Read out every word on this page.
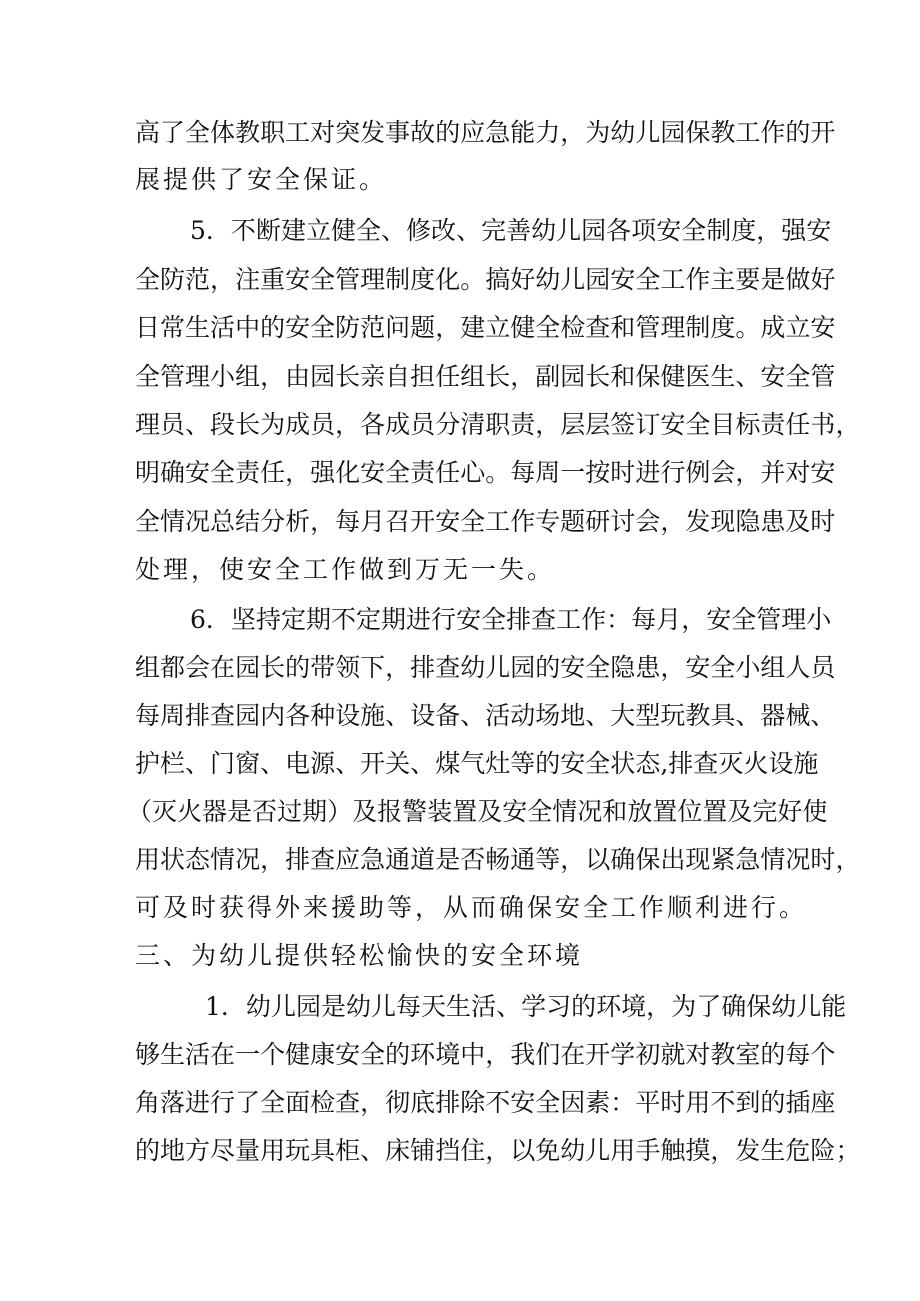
高 了 全 体 教 职 工 对 突 发 事 故 的 应 急 能 力 ， 为 幼 儿 园 保 教 工 作 的 开
展提供了安全保证。
5 ． 不 断 建 立 健 全 、 修 改 、 完 善 幼 儿 园 各 项 安 全 制 度 ， 强 安
全 防 范 ， 注 重 安 全 管 理 制 度 化 。 搞 好 幼 儿 园 安 全 工 作 主 要 是 做 好
日 常 生 活 中 的 安 全 防 范 问 题 ， 建 立 健 全 检 查 和 管 理 制 度 。 成 立 安
全 管 理 小 组 ， 由 园 长 亲 自 担 任 组 长 ， 副 园 长 和 保 健 医 生 、 安 全 管
理 员 、 段 长 为 成 员 ， 各 成 员 分 清 职 责 ， 层 层 签 订 安 全 目 标 责 任 书 ，
明 确 安 全 责 任 ， 强 化 安 全 责 任 心 。 每 周 一 按 时 进 行 例 会 ， 并 对 安
全 情 况 总 结 分 析 ， 每 月 召 开 安 全 工 作 专 题 研 讨 会 ， 发 现 隐 患 及 时
处理，使安全工作做到万无一失。
6 ． 坚 持 定 期 不 定 期 进 行 安 全 排 查 工 作 ： 每 月 ， 安 全 管 理 小
组 都 会 在 园 长 的 带 领 下 ， 排 查 幼 儿 园 的 安 全 隐 患 ， 安 全 小 组 人 员
每 周 排 查 园 内 各 种 设 施 、 设 备 、 活 动 场 地 、 大 型 玩 教 具 、 器 械 、
护 栏 、 门 窗 、 电 源 、 开 关 、 煤 气 灶 等 的 安 全 状 态 , 排 查 灭 火 设 施
（ 灭 火 器 是 否 过 期 ） 及 报 警 装 置 及 安 全 情 况 和 放 置 位 置 及 完 好 使
用 状 态 情 况 ， 排 查 应 急 通 道 是 否 畅 通 等 ， 以 确 保 出 现 紧 急 情 况 时 ，
可及时获得外来援助等，从而确保安全工作顺利进行。
三、为幼儿提供轻松愉快的安全环境
1 ． 幼 儿 园 是 幼 儿 每 天 生 活 、 学 习 的 环 境 ， 为 了 确 保 幼 儿 能
够 生 活 在 一 个 健 康 安 全 的 环 境 中 ， 我 们 在 开 学 初 就 对 教 室 的 每 个
角 落 进 行 了 全 面 检 查 ， 彻 底 排 除 不 安 全 因 素 ： 平 时 用 不 到 的 插 座
的 地 方 尽 量 用 玩 具 柜 、 床 铺 挡 住 ， 以 免 幼 儿 用 手 触 摸 ， 发 生 危 险 ；
